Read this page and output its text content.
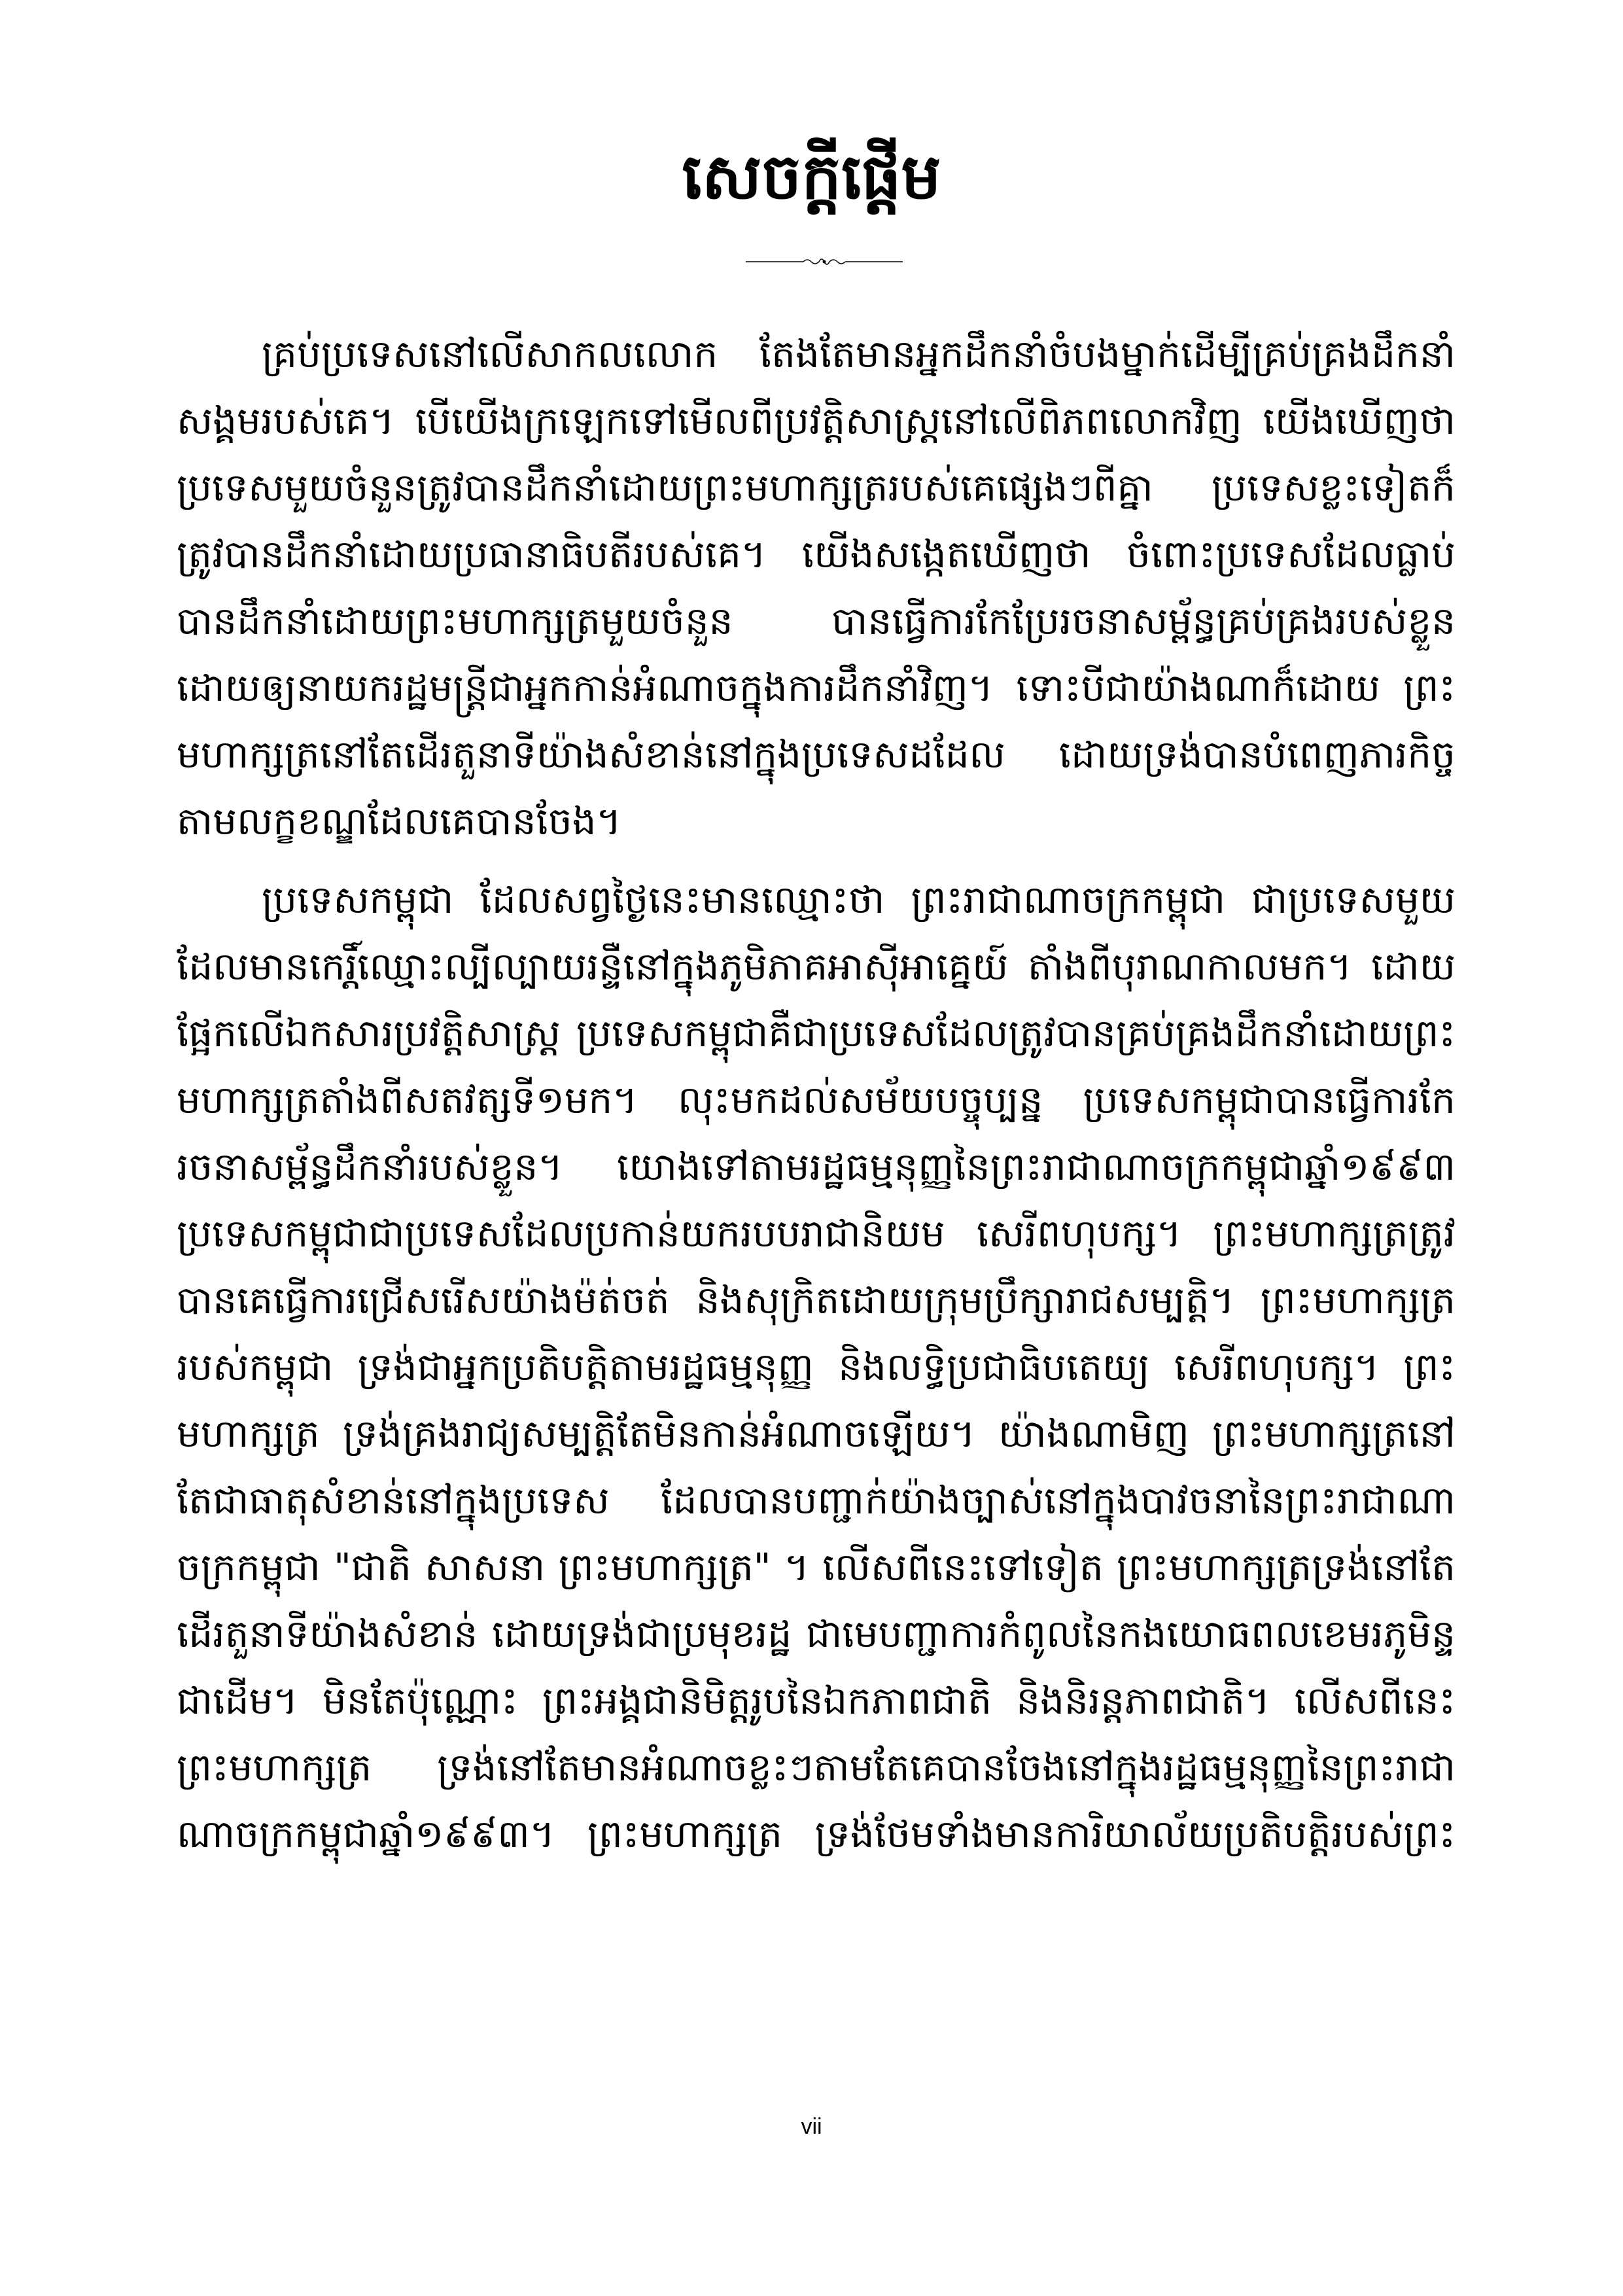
សេចក្តីផ្តើម
គ្រប់ប្រទេសនៅលើសាកលលោក តែងតែមានអ្នកដឹកនាំចំបងម្នាក់ដើម្បីគ្រប់គ្រងដឹកនាំ
សង្គមរបស់គេ។ បើយើងក្រឡេកទៅមើលពីប្រវត្តិសាស្ត្រនៅលើពិភពលោកវិញ យើងឃើញថា
ប្រទេសមួយចំនួនត្រូវបានដឹកនាំដោយព្រះមហាក្សត្ររបស់គេផ្សេងៗពីគ្នា ប្រទេសខ្លះទៀតក៏
ត្រូវបានដឹកនាំដោយប្រធានាធិបតីរបស់គេ។ យើងសង្កេតឃើញថា ចំពោះប្រទេសដែលធ្លាប់
បានដឹកនាំដោយព្រះមហាក្សត្រមួយចំនួន បានធ្វើការកែប្រែរចនាសម្ព័ន្ធគ្រប់គ្រងរបស់ខ្លួន
ដោយឲ្យនាយករដ្ឋមន្ត្រីជាអ្នកកាន់អំណាចក្នុងការដឹកនាំវិញ។ ទោះបីជាយ៉ាងណាក៏ដោយ ព្រះ
មហាក្សត្រនៅតែដើរតួនាទីយ៉ាងសំខាន់នៅក្នុងប្រទេសដដែល ដោយទ្រង់បានបំពេញភារកិច្ច
តាមលក្ខខណ្ឌដែលគេបានចែង។
ប្រទេសកម្ពុជា ដែលសព្វថ្ងៃនេះមានឈ្មោះថា ព្រះរាជាណាចក្រកម្ពុជា ជាប្រទេសមួយ
ដែលមានកេរ្តិ៍ឈ្មោះល្បីល្បាយរន្ទឺនៅក្នុងភូមិភាគអាស៊ីអាគ្នេយ៍ តាំងពីបុរាណកាលមក។ ដោយ
ផ្អែកលើឯកសារប្រវត្តិសាស្ត្រ ប្រទេសកម្ពុជាគឺជាប្រទេសដែលត្រូវបានគ្រប់គ្រងដឹកនាំដោយព្រះ
មហាក្សត្រតាំងពីសតវត្សទី១មក។ លុះមកដល់សម័យបច្ចុប្បន្ន ប្រទេសកម្ពុជាបានធ្វើការកែ
រចនាសម្ព័ន្ធដឹកនាំរបស់ខ្លួន។ យោងទៅតាមរដ្ឋធម្មនុញ្ញនៃព្រះរាជាណាចក្រកម្ពុជាឆ្នាំ១៩៩៣
ប្រទេសកម្ពុជាជាប្រទេសដែលប្រកាន់យករបបរាជានិយម សេរីពហុបក្ស។ ព្រះមហាក្សត្រត្រូវ
បានគេធ្វើការជ្រើសរើសយ៉ាងម៉ត់ចត់ និងសុក្រិតដោយក្រុមប្រឹក្សារាជសម្បត្តិ។ ព្រះមហាក្សត្រ
របស់កម្ពុជា ទ្រង់ជាអ្នកប្រតិបត្តិតាមរដ្ឋធម្មនុញ្ញ និងលទ្ធិប្រជាធិបតេយ្យ សេរីពហុបក្ស។ ព្រះ
មហាក្សត្រ ទ្រង់គ្រងរាជ្យសម្បត្តិតែមិនកាន់អំណាចឡើយ។ យ៉ាងណាមិញ ព្រះមហាក្សត្រនៅ
តែជាធាតុសំខាន់នៅក្នុងប្រទេស ដែលបានបញ្ជាក់យ៉ាងច្បាស់នៅក្នុងបាវចនានៃព្រះរាជាណា
ចក្រកម្ពុជា "ជាតិ សាសនា ព្រះមហាក្សត្រ" ។ លើសពីនេះទៅទៀត ព្រះមហាក្សត្រទ្រង់នៅតែ
ដើរតួនាទីយ៉ាងសំខាន់ ដោយទ្រង់ជាប្រមុខរដ្ឋ ជាមេបញ្ជាការកំពូលនៃកងយោធពលខេមរភូមិន្ទ
ជាដើម។ មិនតែប៉ុណ្ណោះ ព្រះអង្គជានិមិត្តរូបនៃឯកភាពជាតិ និងនិរន្តភាពជាតិ។ លើសពីនេះ
ព្រះមហាក្សត្រ ទ្រង់នៅតែមានអំណាចខ្លះៗតាមតែគេបានចែងនៅក្នុងរដ្ឋធម្មនុញ្ញនៃព្រះរាជា
ណាចក្រកម្ពុជាឆ្នាំ១៩៩៣។ ព្រះមហាក្សត្រ ទ្រង់ថែមទាំងមានការិយាល័យប្រតិបត្តិរបស់ព្រះ
vii
